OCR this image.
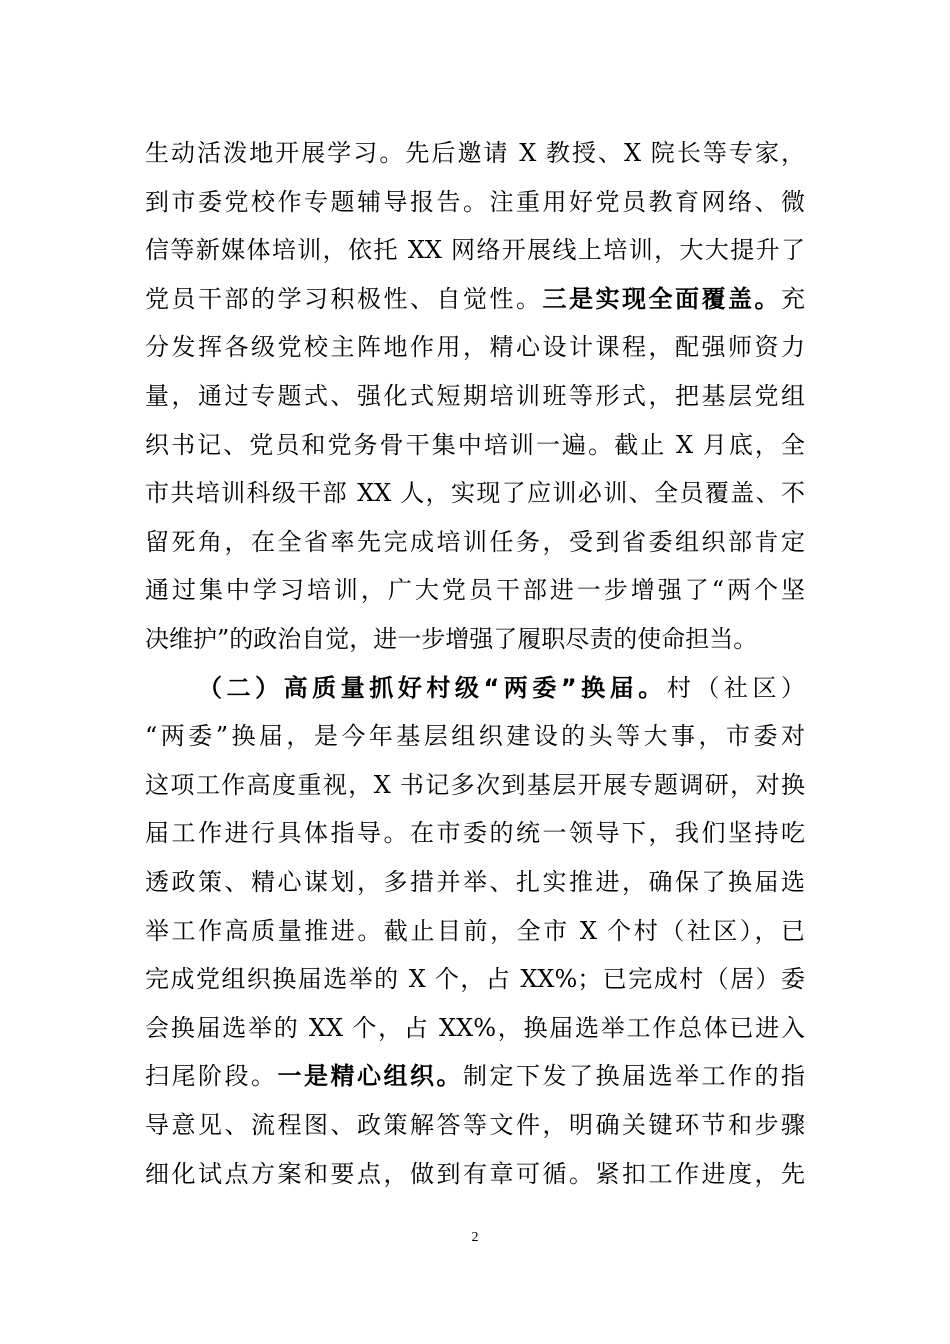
生动活泼地开展学习。先后邀请 X 教授、X 院长等专家，
到市委党校作专题辅导报告。注重用好党员教育网络、微
信等新媒体培训，依托 XX 网络开展线上培训，大大提升了
党员干部的学习积极性、自觉性。三是实现全面覆盖。充
分发挥各级党校主阵地作用，精心设计课程，配强师资力
量，通过专题式、强化式短期培训班等形式，把基层党组
织书记、党员和党务骨干集中培训一遍。截止 X 月底，全
市共培训科级干部 XX 人，实现了应训必训、全员覆盖、不
留死角，在全省率先完成培训任务，受到省委组织部肯定
通过集中学习培训，广大党员干部进一步增强了“两个坚
决维护”的政治自觉，进一步增强了履职尽责的使命担当。
（二）高质量抓好村级“两委”换届。村（社区）
“两委”换届，是今年基层组织建设的头等大事，市委对
这项工作高度重视，X 书记多次到基层开展专题调研，对换
届工作进行具体指导。在市委的统一领导下，我们坚持吃
透政策、精心谋划，多措并举、扎实推进，确保了换届选
举工作高质量推进。截止目前，全市 X 个村（社区），已
完成党组织换届选举的 X 个，占 XX%；已完成村（居）委
会换届选举的 XX 个，占 XX%，换届选举工作总体已进入
扫尾阶段。一是精心组织。制定下发了换届选举工作的指
导意见、流程图、政策解答等文件，明确关键环节和步骤
细化试点方案和要点，做到有章可循。紧扣工作进度，先
2
